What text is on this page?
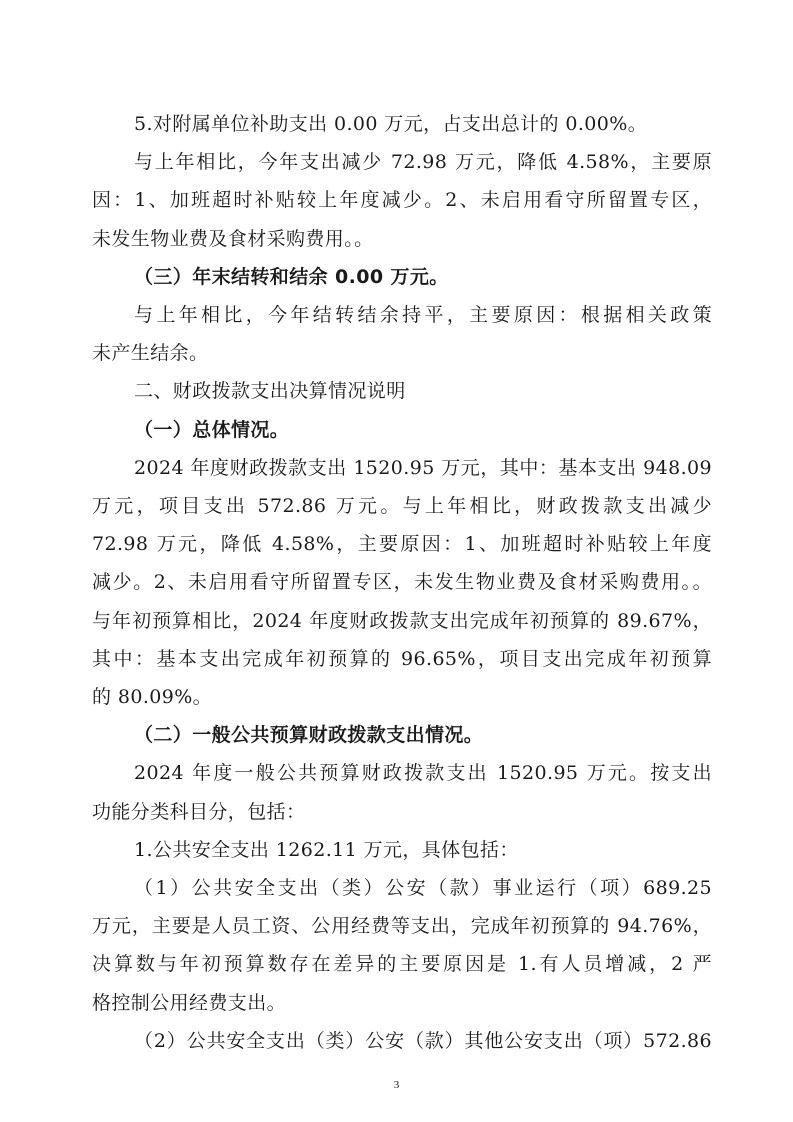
5.对附属单位补助支出 0.00 万元，占支出总计的 0.00%。
与上年相比，今年支出减少 72.98 万元，降低 4.58%，主要原
因：1、加班超时补贴较上年度减少。2、未启用看守所留置专区，
未发生物业费及食材采购费用。。
（三）年末结转和结余 0.00 万元。
与上年相比，今年结转结余持平，主要原因：根据相关政策
未产生结余。
二、财政拨款支出决算情况说明
（一）总体情况。
2024 年度财政拨款支出 1520.95 万元，其中：基本支出 948.09
万元，项目支出 572.86 万元。与上年相比，财政拨款支出减少
72.98 万元，降低 4.58%，主要原因：1、加班超时补贴较上年度
减少。2、未启用看守所留置专区，未发生物业费及食材采购费用。。
与年初预算相比，2024 年度财政拨款支出完成年初预算的 89.67%，
其中：基本支出完成年初预算的 96.65%，项目支出完成年初预算
的 80.09%。
（二）一般公共预算财政拨款支出情况。
2024 年度一般公共预算财政拨款支出 1520.95 万元。按支出
功能分类科目分，包括：
1.公共安全支出 1262.11 万元，具体包括：
（1）公共安全支出（类）公安（款）事业运行（项）689.25
万元，主要是人员工资、公用经费等支出，完成年初预算的 94.76%，
决算数与年初预算数存在差异的主要原因是 1.有人员增减，2 严
格控制公用经费支出。
（2）公共安全支出（类）公安（款）其他公安支出（项）572.86
3
